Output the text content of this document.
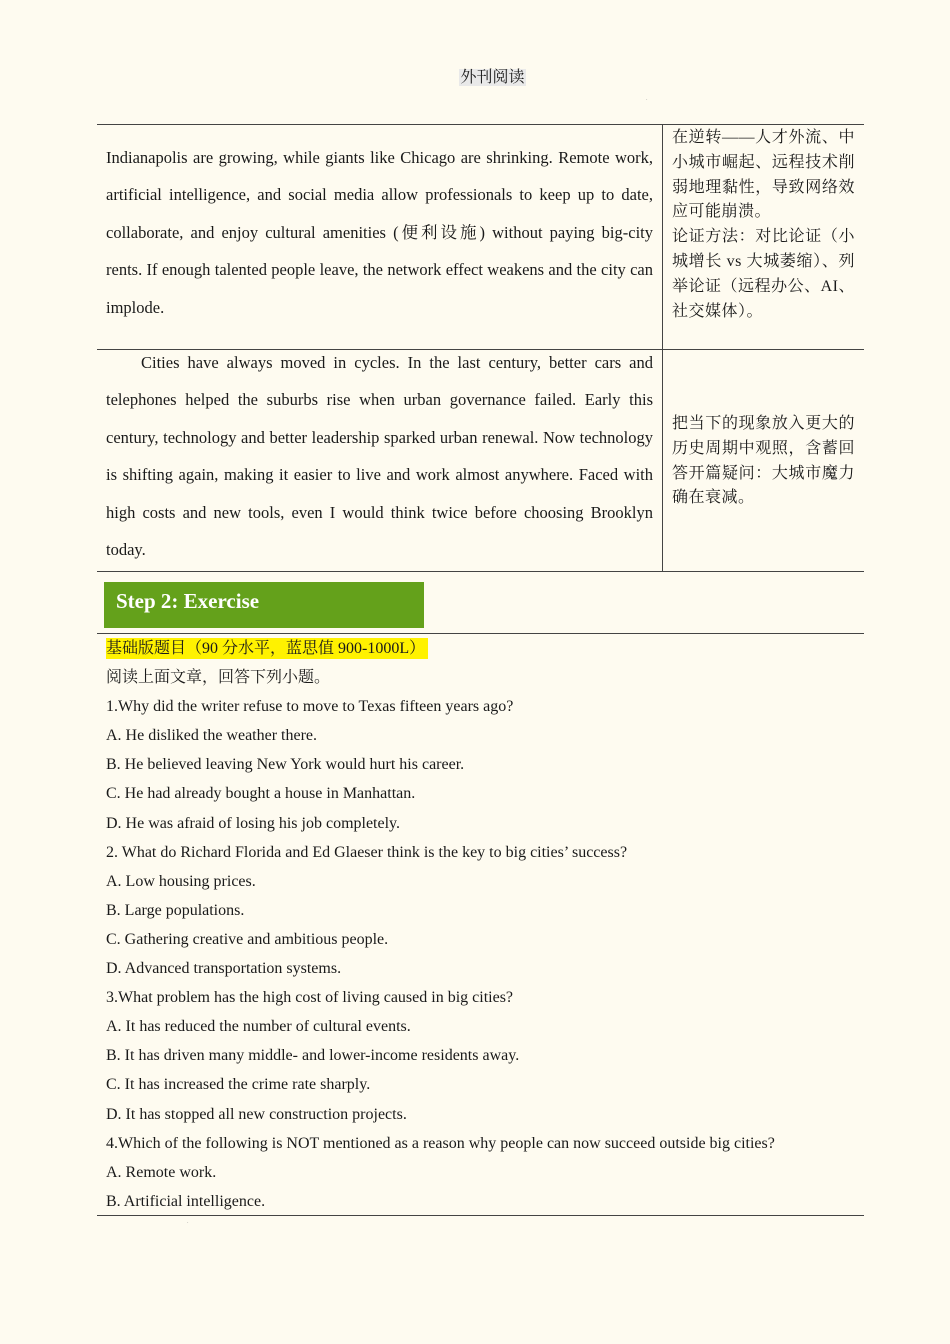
外刊阅读
.

Indianapolis are growing, while giants like Chicago are shrinking. Remote work, artificial intelligence, and social media allow professionals to keep up to date, collaborate, and enjoy cultural amenities (便利设施) without paying big-city rents. If enough talented people leave, the network effect weakens and the city can implode.

在逆转——人才外流、中小城市崛起、远程技术削弱地理黏性，导致网络效应可能崩溃。

论证方法：对比论证（小城增长 vs 大城萎缩）、列举论证（远程办公、AI、社交媒体）。

Cities have always moved in cycles. In the last century, better cars and telephones helped the suburbs rise when urban governance failed. Early this century, technology and better leadership sparked urban renewal. Now technology is shifting again, making it easier to live and work almost anywhere. Faced with high costs and new tools, even I would think twice before choosing Brooklyn today.

把当下的现象放入更大的历史周期中观照，含蓄回答开篇疑问：大城市魔力确在衰减。

Step 2: Exercise
基础版题目（90 分水平，蓝思值 900-1000L）
阅读上面文章，回答下列小题。
1.Why did the writer refuse to move to Texas fifteen years ago?
A. He disliked the weather there.
B. He believed leaving New York would hurt his career.
C. He had already bought a house in Manhattan.
D. He was afraid of losing his job completely.
2. What do Richard Florida and Ed Glaeser think is the key to big cities’ success?
A. Low housing prices.
B. Large populations.
C. Gathering creative and ambitious people.
D. Advanced transportation systems.
3.What problem has the high cost of living caused in big cities?
A. It has reduced the number of cultural events.
B. It has driven many middle- and lower-income residents away.
C. It has increased the crime rate sharply.
D. It has stopped all new construction projects.
4.Which of the following is NOT mentioned as a reason why people can now succeed outside big cities?
A. Remote work.
B. Artificial intelligence.
.
